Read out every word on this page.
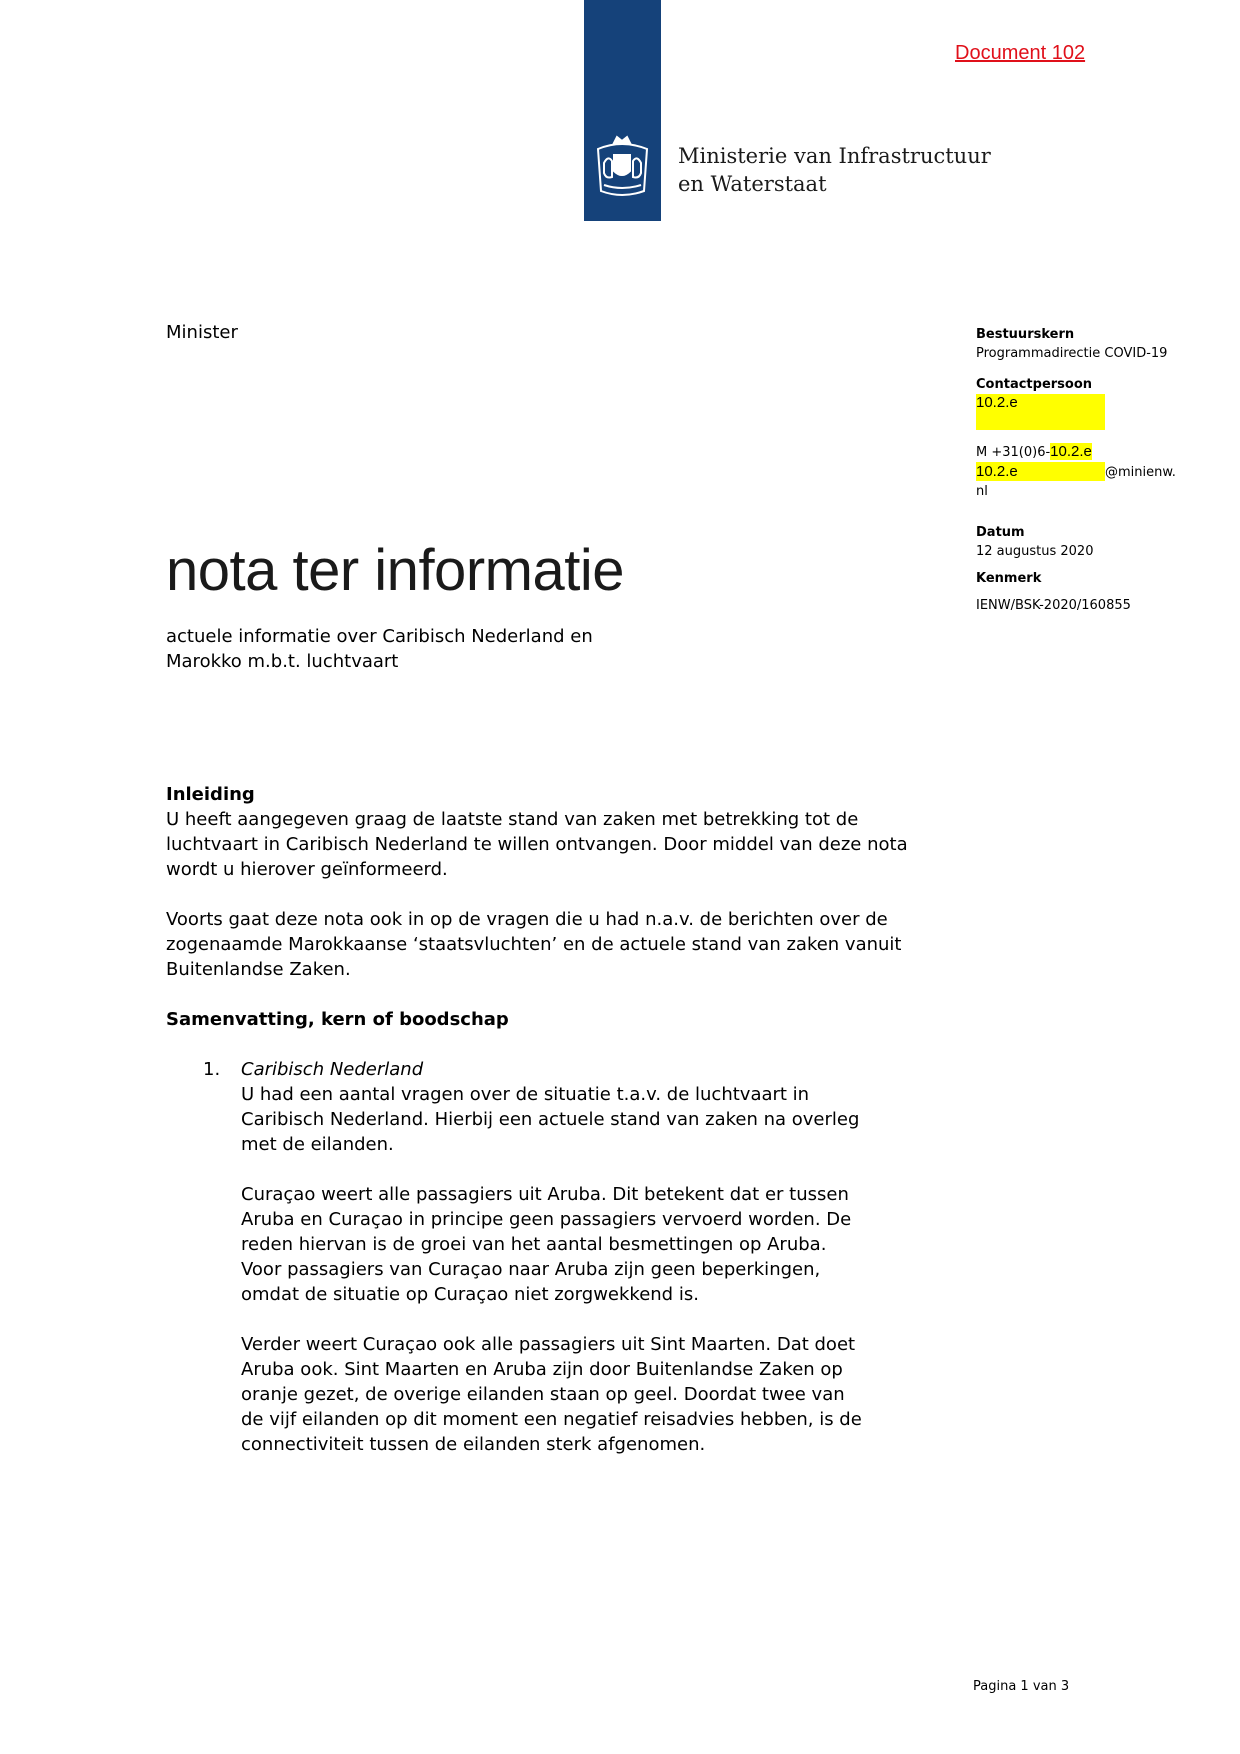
Document 102
Ministerie van Infrastructuur
en Waterstaat
Minister
nota ter informatie
actuele informatie over Caribisch Nederland en
Marokko m.b.t. luchtvaart
Bestuurskern
Programmadirectie COVID-19
Contactpersoon
10.2.e
M +31(0)6-10.2.e
10.2.e	@minienw.
nl
Datum
12 augustus 2020
Kenmerk
IENW/BSK-2020/160855
Inleiding

U heeft aangegeven graag de laatste stand van zaken met betrekking tot de luchtvaart in Caribisch Nederland te willen ontvangen. Door middel van deze nota wordt u hierover geïnformeerd.

Voorts gaat deze nota ook in op de vragen die u had n.a.v. de berichten over de zogenaamde Marokkaanse ‘staatsvluchten’ en de actuele stand van zaken vanuit Buitenlandse Zaken.

Samenvatting, kern of boodschap
1. Caribisch Nederland

U had een aantal vragen over de situatie t.a.v. de luchtvaart in Caribisch Nederland. Hierbij een actuele stand van zaken na overleg met de eilanden.

Curaçao weert alle passagiers uit Aruba. Dit betekent dat er tussen Aruba en Curaçao in principe geen passagiers vervoerd worden. De reden hiervan is de groei van het aantal besmettingen op Aruba. Voor passagiers van Curaçao naar Aruba zijn geen beperkingen, omdat de situatie op Curaçao niet zorgwekkend is.

Verder weert Curaçao ook alle passagiers uit Sint Maarten. Dat doet Aruba ook. Sint Maarten en Aruba zijn door Buitenlandse Zaken op oranje gezet, de overige eilanden staan op geel. Doordat twee van de vijf eilanden op dit moment een negatief reisadvies hebben, is de connectiviteit tussen de eilanden sterk afgenomen.

Pagina 1 van 3
